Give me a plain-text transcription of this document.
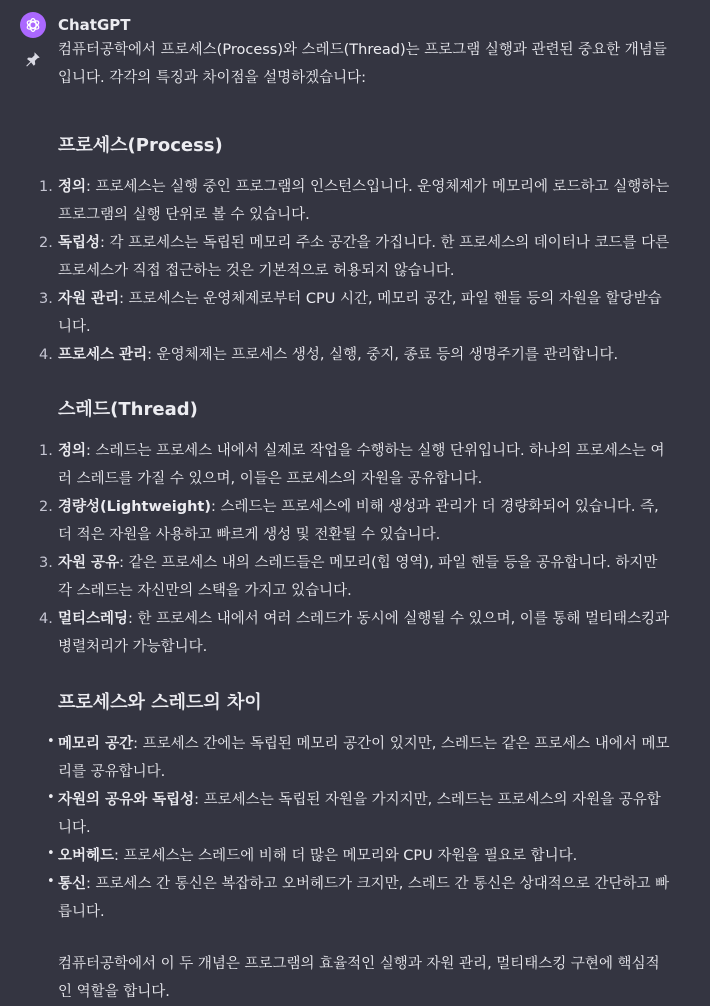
ChatGPT

컴퓨터공학에서 프로세스(Process)와 스레드(Thread)는 프로그램 실행과 관련된 중요한 개념들입니다. 각각의 특징과 차이점을 설명하겠습니다:

프로세스(Process)
1. 정의: 프로세스는 실행 중인 프로그램의 인스턴스입니다. 운영체제가 메모리에 로드하고 실행하는 프로그램의 실행 단위로 볼 수 있습니다.
2. 독립성: 각 프로세스는 독립된 메모리 주소 공간을 가집니다. 한 프로세스의 데이터나 코드를 다른 프로세스가 직접 접근하는 것은 기본적으로 허용되지 않습니다.
3. 자원 관리: 프로세스는 운영체제로부터 CPU 시간, 메모리 공간, 파일 핸들 등의 자원을 할당받습니다.
4. 프로세스 관리: 운영체제는 프로세스 생성, 실행, 중지, 종료 등의 생명주기를 관리합니다.
스레드(Thread)
1. 정의: 스레드는 프로세스 내에서 실제로 작업을 수행하는 실행 단위입니다. 하나의 프로세스는 여러 스레드를 가질 수 있으며, 이들은 프로세스의 자원을 공유합니다.
2. 경량성(Lightweight): 스레드는 프로세스에 비해 생성과 관리가 더 경량화되어 있습니다. 즉, 더 적은 자원을 사용하고 빠르게 생성 및 전환될 수 있습니다.
3. 자원 공유: 같은 프로세스 내의 스레드들은 메모리(힙 영역), 파일 핸들 등을 공유합니다. 하지만 각 스레드는 자신만의 스택을 가지고 있습니다.
4. 멀티스레딩: 한 프로세스 내에서 여러 스레드가 동시에 실행될 수 있으며, 이를 통해 멀티태스킹과 병렬처리가 가능합니다.
프로세스와 스레드의 차이
• 메모리 공간: 프로세스 간에는 독립된 메모리 공간이 있지만, 스레드는 같은 프로세스 내에서 메모리를 공유합니다.
• 자원의 공유와 독립성: 프로세스는 독립된 자원을 가지지만, 스레드는 프로세스의 자원을 공유합니다.
• 오버헤드: 프로세스는 스레드에 비해 더 많은 메모리와 CPU 자원을 필요로 합니다.
• 통신: 프로세스 간 통신은 복잡하고 오버헤드가 크지만, 스레드 간 통신은 상대적으로 간단하고 빠릅니다.

컴퓨터공학에서 이 두 개념은 프로그램의 효율적인 실행과 자원 관리, 멀티태스킹 구현에 핵심적인 역할을 합니다.
